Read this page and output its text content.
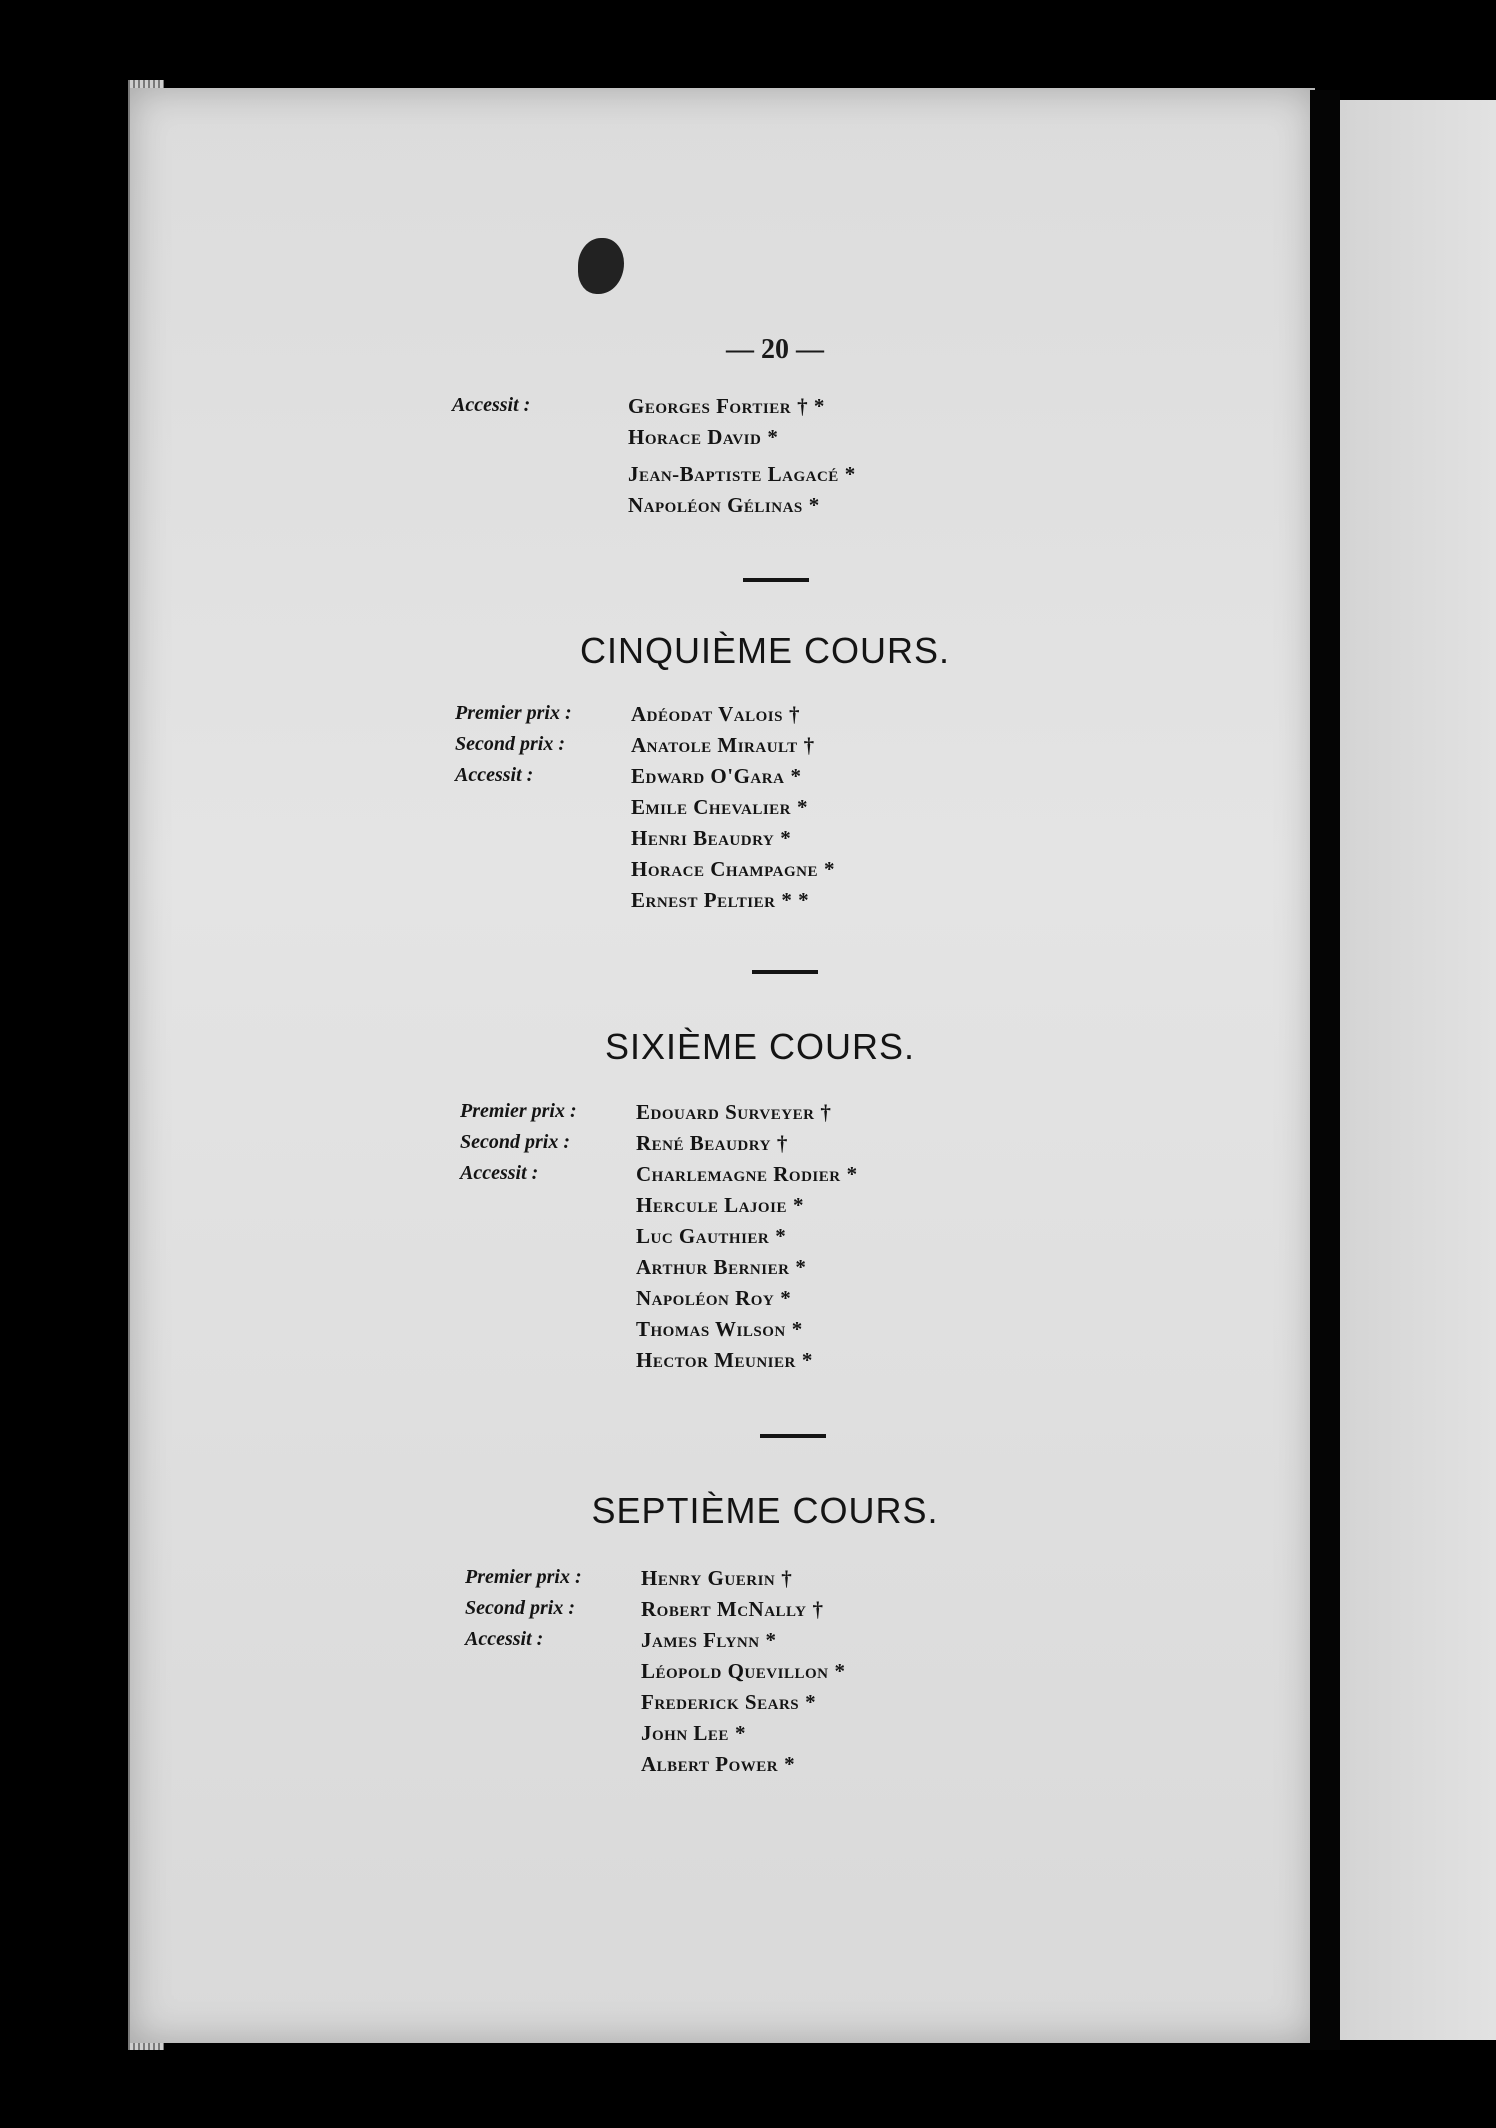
— 20 —
Accessit :	Georges Fortier † *
Horace David *
Jean-Baptiste Lagacé *
Napoléon Gélinas *
CINQUIÈME COURS.
Premier prix :	Adéodat Valois †
Second prix :	Anatole Mirault †
Accessit :	Edward O'Gara *
Emile Chevalier *
Henri Beaudry *
Horace Champagne *
Ernest Peltier * *
SIXIÈME COURS.
Premier prix :	Edouard Surveyer †
Second prix :	René Beaudry †
Accessit :	Charlemagne Rodier *
Hercule Lajoie *
Luc Gauthier *
Arthur Bernier *
Napoléon Roy *
Thomas Wilson *
Hector Meunier *
SEPTIÈME COURS.
Premier prix :	Henry Guerin †
Second prix :	Robert McNally †
Accessit :	James Flynn *
Léopold Quevillon *
Frederick Sears *
John Lee *
Albert Power *
